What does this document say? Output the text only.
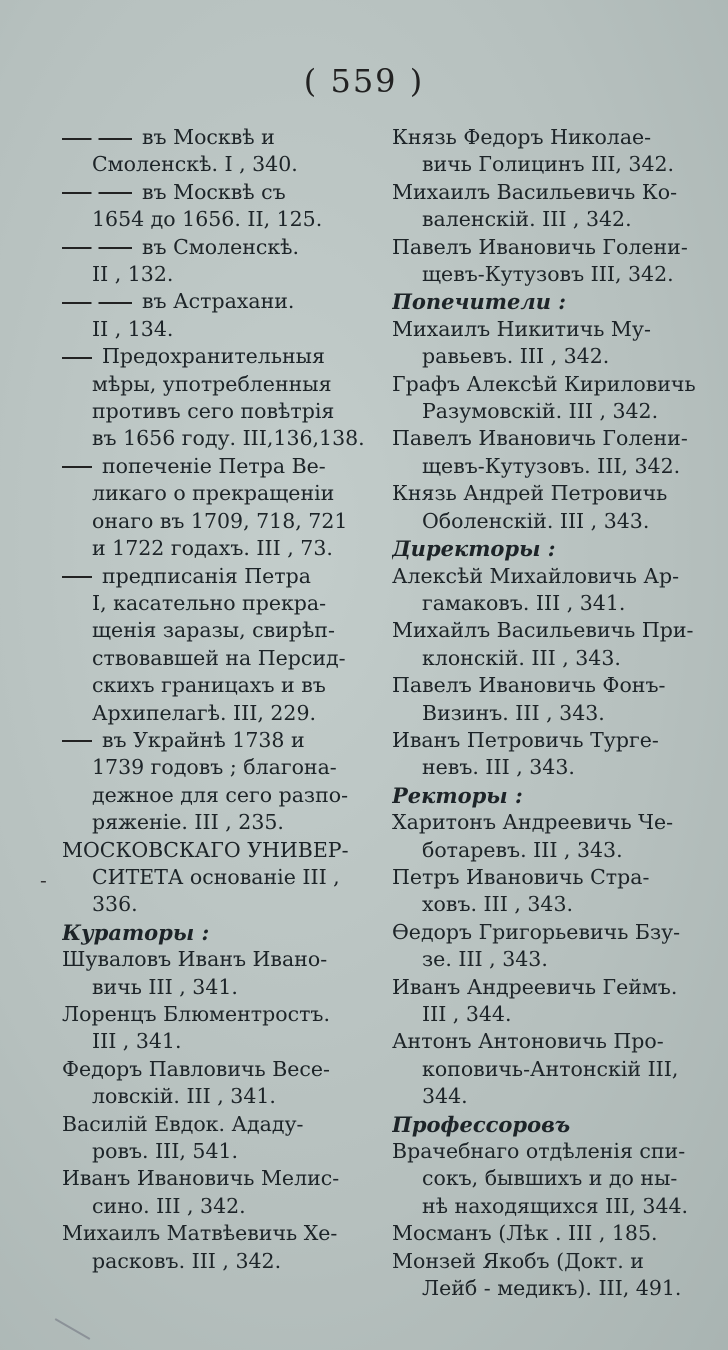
( 559 )
въ Москвѣ и
Смоленскѣ. I , 340.
въ Москвѣ съ
1654 до 1656. II, 125.
въ Смоленскѣ.
II , 132.
въ Астрахани.
II , 134.
Предохранительныя
мѣры, употребленныя
противъ сего повѣтрія
въ 1656 году. III,136,138.
попеченіе Петра Ве-
ликаго о прекращеніи
онаго въ 1709, 718, 721
и 1722 годахъ. III , 73.
предписанія Петра
I, касательно прекра-
щенія заразы, свирѣп-
ствовавшей на Персид-
скихъ границахъ и въ
Архипелагѣ. III, 229.
въ Украйнѣ 1738 и
1739 годовъ ; благона-
дежное для сего разпо-
ряженіе. III , 235.
МОСКОВСКАГО УНИВЕР-
СИТЕТА основаніе III ,
336.
Кураторы :
Шуваловъ Иванъ Ивано-
вичь III , 341.
Лоренцъ Блюментростъ.
III , 341.
Федоръ Павловичь Весе-
ловскій. III , 341.
Василій Евдок. Ададу-
ровъ. III, 541.
Иванъ Ивановичь Мелис-
сино. III , 342.
Михаилъ Матвѣевичь Хе-
расковъ. III , 342.
Князь Федоръ Николае-
вичь Голицинъ III, 342.
Михаилъ Васильевичь Ко-
валенскій. III , 342.
Павелъ Ивановичь Голени-
щевъ-Кутузовъ III, 342.
Попечители :
Михаилъ Никитичь Му-
равьевъ. III , 342.
Графъ Алексѣй Кириловичь
Разумовскій. III , 342.
Павелъ Ивановичь Голени-
щевъ-Кутузовъ. III, 342.
Князь Андрей Петровичь
Оболенскій. III , 343.
Директоры :
Алексѣй Михайловичь Ар-
гамаковъ. III , 341.
Михайлъ Васильевичь При-
клонскій. III , 343.
Павелъ Ивановичь Фонъ-
Визинъ. III , 343.
Иванъ Петровичь Турге-
невъ. III , 343.
Ректоры :
Харитонъ Андреевичь Че-
ботаревъ. III , 343.
Петръ Ивановичь Стра-
ховъ. III , 343.
Ѳедоръ Григорьевичь Бзу-
зе. III , 343.
Иванъ Андреевичь Геймъ.
III , 344.
Антонъ Антоновичь Про-
коповичь-Антонскій III,
344.
Профессоровъ
Врачебнаго отдѣленія спи-
сокъ, бывшихъ и до ны-
нѣ находящихся III, 344.
Мосманъ (Лѣк . III , 185.
Монзей Якобъ (Докт. и
Лейб - медикъ). III, 491.
‐
